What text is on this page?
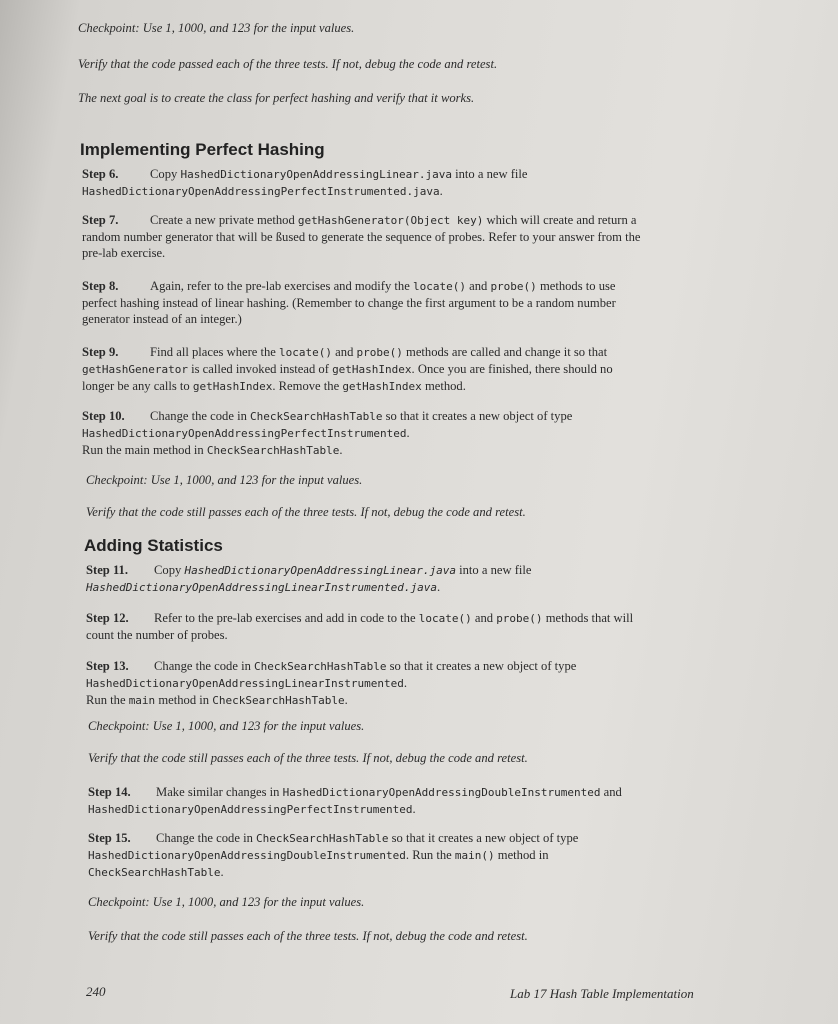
Checkpoint: Use 1, 1000, and 123 for the input values.
Verify that the code passed each of the three tests. If not, debug the code and retest.
The next goal is to create the class for perfect hashing and verify that it works.
Implementing Perfect Hashing
Step 6.	Copy HashedDictionaryOpenAddressingLinear.java into a new file
HashedDictionaryOpenAddressingPerfectInstrumented.java.
Step 7.	Create a new private method getHashGenerator(Object key) which will create and return a
random number generator that will be ßused to generate the sequence of probes. Refer to your answer from the
pre-lab exercise.
Step 8.	Again, refer to the pre-lab exercises and modify the locate() and probe() methods to use
perfect hashing instead of linear hashing. (Remember to change the first argument to be a random number
generator instead of an integer.)
Step 9.	Find all places where the locate() and probe() methods are called and change it so that
getHashGenerator is called invoked instead of getHashIndex. Once you are finished, there should no
longer be any calls to getHashIndex. Remove the getHashIndex method.
Step 10. Change the code in CheckSearchHashTable so that it creates a new object of type
HashedDictionaryOpenAddressingPerfectInstrumented.
Run the main method in CheckSearchHashTable.
Checkpoint: Use 1, 1000, and 123 for the input values.
Verify that the code still passes each of the three tests. If not, debug the code and retest.
Adding Statistics
Step 11. Copy HashedDictionaryOpenAddressingLinear.java into a new file
HashedDictionaryOpenAddressingLinearInstrumented.java.
Step 12. Refer to the pre-lab exercises and add in code to the locate() and probe() methods that will
count the number of probes.
Step 13. Change the code in CheckSearchHashTable so that it creates a new object of type
HashedDictionaryOpenAddressingLinearInstrumented.
Run the main method in CheckSearchHashTable.
Checkpoint: Use 1, 1000, and 123 for the input values.
Verify that the code still passes each of the three tests. If not, debug the code and retest.
Step 14. Make similar changes in HashedDictionaryOpenAddressingDoubleInstrumented and
HashedDictionaryOpenAddressingPerfectInstrumented.
Step 15. Change the code in CheckSearchHashTable so that it creates a new object of type
HashedDictionaryOpenAddressingDoubleInstrumented. Run the main() method in
CheckSearchHashTable.
Checkpoint: Use 1, 1000, and 123 for the input values.
Verify that the code still passes each of the three tests. If not, debug the code and retest.
240	Lab 17 Hash Table Implementation
